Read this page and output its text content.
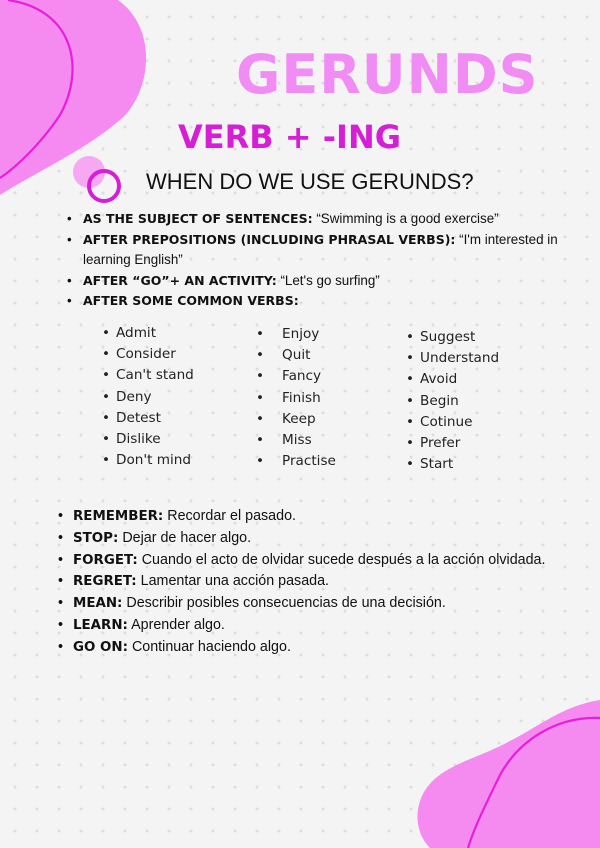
GERUNDS
VERB + -ING

WHEN DO WE USE GERUNDS?

• AS THE SUBJECT OF SENTENCES: “Swimming is a good exercise”
• AFTER PREPOSITIONS (INCLUDING PHRASAL VERBS): “I'm interested in learning English”
• AFTER “GO”+ AN ACTIVITY: “Let's go surfing”
• AFTER SOME COMMON VERBS:
• Admit
• Consider
• Can't stand
• Deny
• Detest
• Dislike
• Don't mind
• Enjoy
• Quit
• Fancy
• Finish
• Keep
• Miss
• Practise
• Suggest
• Understand
• Avoid
• Begin
• Cotinue
• Prefer
• Start
• REMEMBER: Recordar el pasado.
• STOP: Dejar de hacer algo.
• FORGET: Cuando el acto de olvidar sucede después a la acción olvidada.
• REGRET: Lamentar una acción pasada.
• MEAN: Describir posibles consecuencias de una decisión.
• LEARN: Aprender algo.
• GO ON: Continuar haciendo algo.
